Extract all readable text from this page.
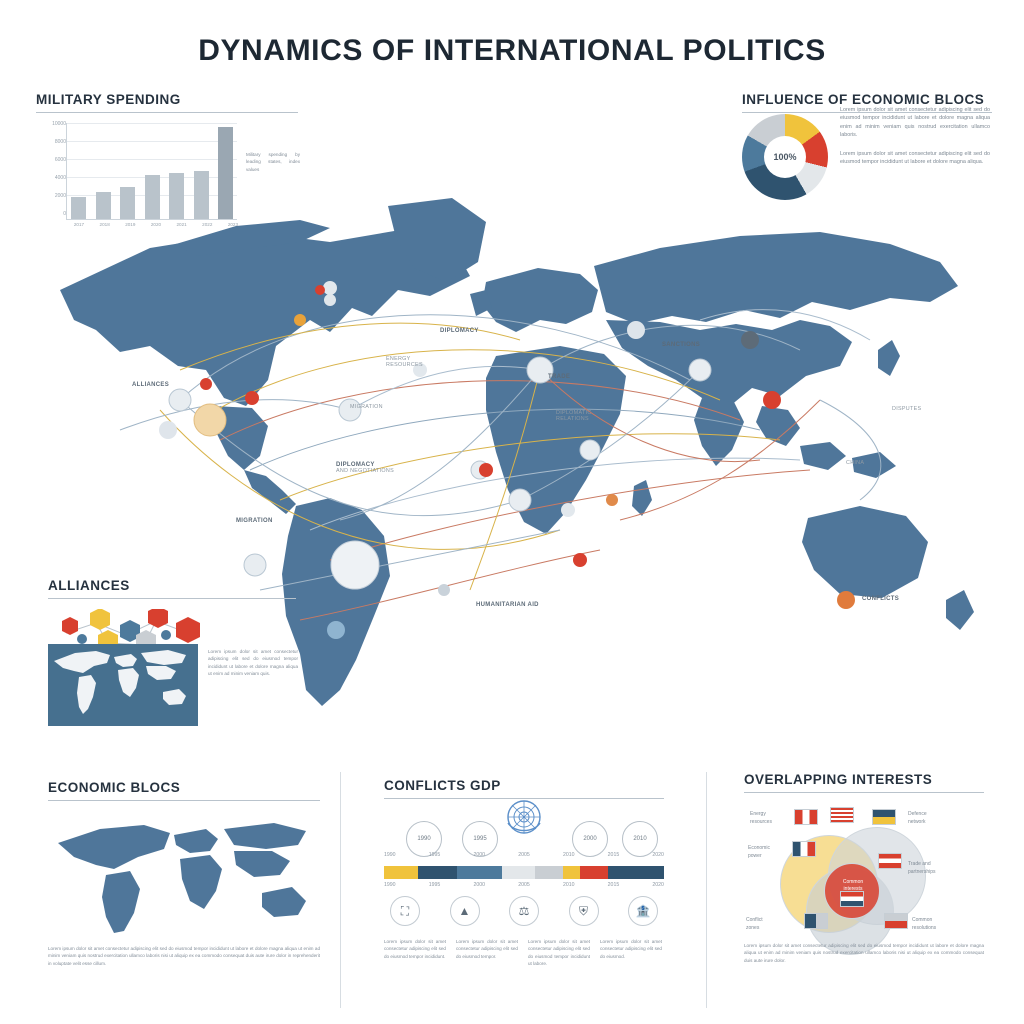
DYNAMICS OF INTERNATIONAL POLITICS
DIPLOMACY
ALLIANCES
SANCTIONS
TRADE
ENERGY
RESOURCES
MIGRATION
DIPLOMATIC
RELATIONS
DIPLOMACY
AND NEGOTIATIONS
MIGRATION
HUMANITARIAN AID
CONFLICTS
DISPUTES
CHINA
MILITARY SPENDING
10000
8000
6000
4000
2000
0
2017	2018	2019	2020	2021	2022	2023
Military spending by leading states, index values
INFLUENCE OF ECONOMIC BLOCS
100%
Lorem ipsum dolor sit amet consectetur adipiscing elit sed do eiusmod tempor incididunt ut labore et dolore magna aliqua enim ad minim veniam quis nostrud exercitation ullamco laboris.
Lorem ipsum dolor sit amet consectetur adipiscing elit sed do eiusmod tempor incididunt ut labore et dolore magna aliqua.
ALLIANCES
Lorem ipsum dolor sit amet consectetur adipiscing elit sed do eiusmod tempor incididunt ut labore et dolore magna aliqua ut enim ad minim veniam quis.
ECONOMIC BLOCS
Lorem ipsum dolor sit amet consectetur adipiscing elit sed do eiusmod tempor incididunt ut labore et dolore magna aliqua ut enim ad minim veniam quis nostrud exercitation ullamco laboris nisi ut aliquip ex ea commodo consequat duis aute irure dolor in reprehenderit in voluptate velit esse cillum.
CONFLICTS GDP
1990	1995	2000	2010
1990	1995	2000	2005	2010	2015	2020
1990	1995	2000	2005	2010	2015	2020
⛶	▲	⚖	⛨	🏦
Lorem ipsum dolor sit amet consectetur adipiscing elit sed do eiusmod tempor incididunt.
Lorem ipsum dolor sit amet consectetur adipiscing elit sed do eiusmod tempor.
Lorem ipsum dolor sit amet consectetur adipiscing elit sed do eiusmod tempor incididunt ut labore.
Lorem ipsum dolor sit amet consectetur adipiscing elit sed do eiusmod.
OVERLAPPING INTERESTS
Common interests
Energy
resources
Economic
power
Defence
network
Trade and
partnerships
Conflict
zones
Common
resolutions
Lorem ipsum dolor sit amet consectetur adipiscing elit sed do eiusmod tempor incididunt ut labore et dolore magna aliqua ut enim ad minim veniam quis nostrud exercitation ullamco laboris nisi ut aliquip ex ea commodo consequat duis aute irure dolor.
